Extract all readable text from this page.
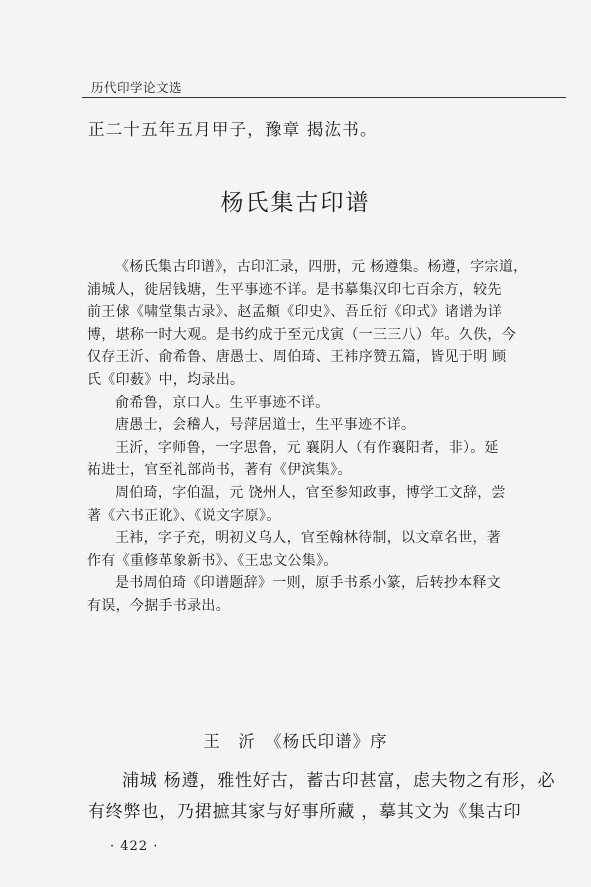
历代印学论文选
正二十五年五月甲子，豫章 揭汯书。
杨氏集古印谱

《杨氏集古印谱》，古印汇录，四册，元 杨遵集。杨遵，字宗道，

浦城人，徙居钱塘，生平事迹不详。是书摹集汉印七百余方，较先

前王俅《啸堂集古录》、赵孟頫《印史》、吾丘衍《印式》诸谱为详

博，堪称一时大观。是书约成于至元戊寅（一三三八）年。久佚，今

仅存王沂、俞希鲁、唐愚士、周伯琦、王袆序赞五篇，皆见于明 顾

氏《印薮》中，均录出。

俞希鲁，京口人。生平事迹不详。

唐愚士，会稽人，号萍居道士，生平事迹不详。

王沂，字师鲁，一字思鲁，元 襄阴人（有作襄阳者，非）。延

祐进士，官至礼部尚书，著有《伊滨集》。

周伯琦，字伯温，元 饶州人，官至参知政事，博学工文辞，尝

著《六书正讹》、《说文字原》。

王袆，字子充，明初义乌人，官至翰林待制，以文章名世，著

作有《重修革象新书》、《王忠文公集》。

是书周伯琦《印谱题辞》一则，原手书系小篆，后转抄本释文

有误，今据手书录出。

王　沂　《杨氏印谱》序

浦城 杨遵，雅性好古，蓄古印甚富，虑夫物之有形，必

有终弊也，乃捃摭其家与好事所藏 ，摹其文为《集古印

· 422 ·
